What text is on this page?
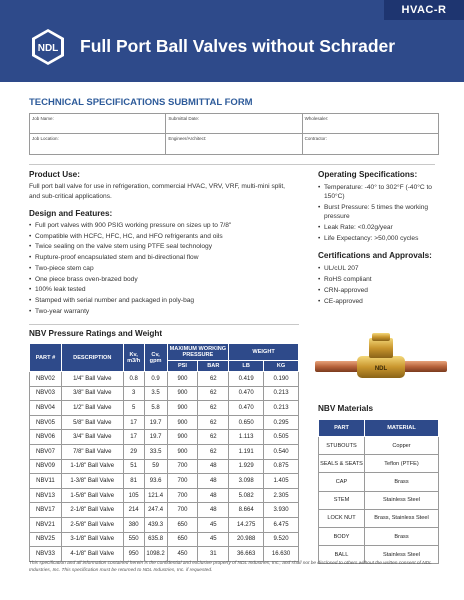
HVAC-R
NDL Full Port Ball Valves without Schrader
TECHNICAL SPECIFICATIONS SUBMITTAL FORM
Job Name:	Submittal Date:	Wholesaler:
Job Location:	Engineer/Architect:	Contractor:
Product Use:
Full port ball valve for use in refrigeration, commercial HVAC, VRV, VRF, multi-mini split, and sub-critical applications.
Design and Features:
• Full port valves with 900 PSIG working pressure on sizes up to 7/8"
• Compatible with HCFC, HFC, HC, and HFO refrigerants and oils
• Twice sealing on the valve stem using PTFE seal technology
• Rupture-proof encapsulated stem and bi-directional flow
• Two-piece stem cap
• One piece brass oven-brazed body
• 100% leak tested
• Stamped with serial number and packaged in poly-bag
• Two-year warranty
Operating Specifications:
• Temperature: -40° to 302°F (-40°C to 150°C)
• Burst Pressure: 5 times the working pressure
• Leak Rate: <0.02g/year
• Life Expectancy: >50,000 cycles
Certifications and Approvals:
• UL/cUL 207
• RoHS compliant
• CRN-approved
• CE-approved
NBV Pressure Ratings and Weight
PART #	DESCRIPTION	Kv, m3/h	Cv, gpm	MAXIMUM WORKING PRESSURE		WEIGHT	
				PSI	BAR	LB	KG
NBV02	1/4" Ball Valve	0.8	0.9	900	62	0.419	0.190
NBV03	3/8" Ball Valve	3	3.5	900	62	0.470	0.213
NBV04	1/2" Ball Valve	5	5.8	900	62	0.470	0.213
NBV05	5/8" Ball Valve	17	19.7	900	62	0.650	0.295
NBV06	3/4" Ball Valve	17	19.7	900	62	1.113	0.505
NBV07	7/8" Ball Valve	29	33.5	900	62	1.191	0.540
NBV09	1-1/8" Ball Valve	51	59	700	48	1.929	0.875
NBV11	1-3/8" Ball Valve	81	93.6	700	48	3.098	1.405
NBV13	1-5/8" Ball Valve	105	121.4	700	48	5.082	2.305
NBV17	2-1/8" Ball Valve	214	247.4	700	48	8.664	3.930
NBV21	2-5/8" Ball Valve	380	439.3	650	45	14.275	6.475
NBV25	3-1/8" Ball Valve	550	635.8	650	45	20.988	9.520
NBV33	4-1/8" Ball Valve	950	1098.2	450	31	36.663	16.630
NDL
NBV Materials
PART	MATERIAL
STUBOUTS	Copper
SEALS & SEATS	Teflon (PTFE)
CAP	Brass
STEM	Stainless Steel
LOCK NUT	Brass, Stainless Steel
BODY	Brass
BALL	Stainless Steel
This specification and all information contained herein is the confidential and exclusive property of NDL Industries, Inc., and shall not be disclosed to others without the written consent of NDL Industries, Inc. This specification must be returned to NDL Industries, Inc. if requested.
